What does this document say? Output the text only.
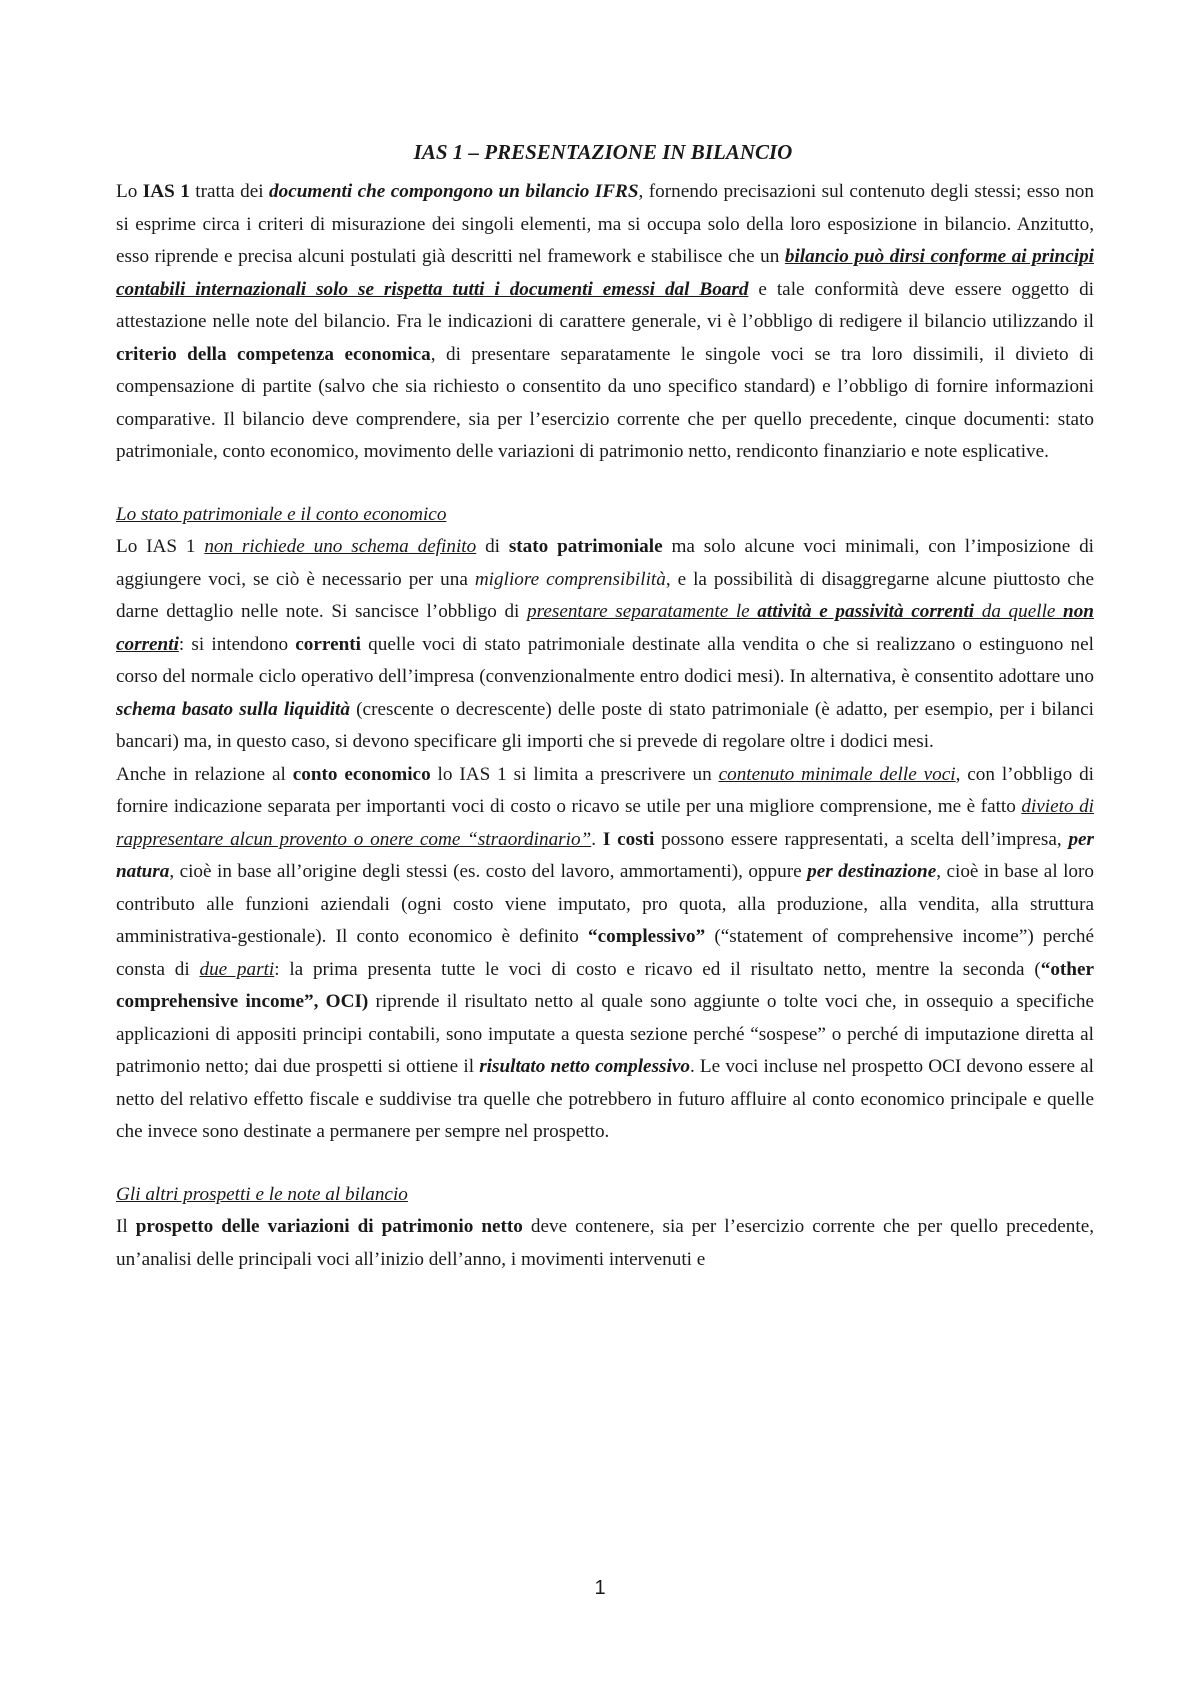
IAS 1 – PRESENTAZIONE IN BILANCIO

Lo IAS 1 tratta dei documenti che compongono un bilancio IFRS, fornendo precisazioni sul contenuto degli stessi; esso non si esprime circa i criteri di misurazione dei singoli elementi, ma si occupa solo della loro esposizione in bilancio. Anzitutto, esso riprende e precisa alcuni postulati già descritti nel framework e stabilisce che un bilancio può dirsi conforme ai principi contabili internazionali solo se rispetta tutti i documenti emessi dal Board e tale conformità deve essere oggetto di attestazione nelle note del bilancio. Fra le indicazioni di carattere generale, vi è l’obbligo di redigere il bilancio utilizzando il criterio della competenza economica, di presentare separatamente le singole voci se tra loro dissimili, il divieto di compensazione di partite (salvo che sia richiesto o consentito da uno specifico standard) e l’obbligo di fornire informazioni comparative. Il bilancio deve comprendere, sia per l’esercizio corrente che per quello precedente, cinque documenti: stato patrimoniale, conto economico, movimento delle variazioni di patrimonio netto, rendiconto finanziario e note esplicative.

Lo stato patrimoniale e il conto economico

Lo IAS 1 non richiede uno schema definito di stato patrimoniale ma solo alcune voci minimali, con l’imposizione di aggiungere voci, se ciò è necessario per una migliore comprensibilità, e la possibilità di disaggregarne alcune piuttosto che darne dettaglio nelle note. Si sancisce l’obbligo di presentare separatamente le attività e passività correnti da quelle non correnti: si intendono correnti quelle voci di stato patrimoniale destinate alla vendita o che si realizzano o estinguono nel corso del normale ciclo operativo dell’impresa (convenzionalmente entro dodici mesi). In alternativa, è consentito adottare uno schema basato sulla liquidità (crescente o decrescente) delle poste di stato patrimoniale (è adatto, per esempio, per i bilanci bancari) ma, in questo caso, si devono specificare gli importi che si prevede di regolare oltre i dodici mesi.

Anche in relazione al conto economico lo IAS 1 si limita a prescrivere un contenuto minimale delle voci, con l’obbligo di fornire indicazione separata per importanti voci di costo o ricavo se utile per una migliore comprensione, me è fatto divieto di rappresentare alcun provento o onere come “straordinario”. I costi possono essere rappresentati, a scelta dell’impresa, per natura, cioè in base all’origine degli stessi (es. costo del lavoro, ammortamenti), oppure per destinazione, cioè in base al loro contributo alle funzioni aziendali (ogni costo viene imputato, pro quota, alla produzione, alla vendita, alla struttura amministrativa-gestionale). Il conto economico è definito “complessivo” (“statement of comprehensive income”) perché consta di due parti: la prima presenta tutte le voci di costo e ricavo ed il risultato netto, mentre la seconda (“other comprehensive income”, OCI) riprende il risultato netto al quale sono aggiunte o tolte voci che, in ossequio a specifiche applicazioni di appositi principi contabili, sono imputate a questa sezione perché “sospese” o perché di imputazione diretta al patrimonio netto; dai due prospetti si ottiene il risultato netto complessivo. Le voci incluse nel prospetto OCI devono essere al netto del relativo effetto fiscale e suddivise tra quelle che potrebbero in futuro affluire al conto economico principale e quelle che invece sono destinate a permanere per sempre nel prospetto.

Gli altri prospetti e le note al bilancio

Il prospetto delle variazioni di patrimonio netto deve contenere, sia per l’esercizio corrente che per quello precedente, un’analisi delle principali voci all’inizio dell’anno, i movimenti intervenuti e

1
